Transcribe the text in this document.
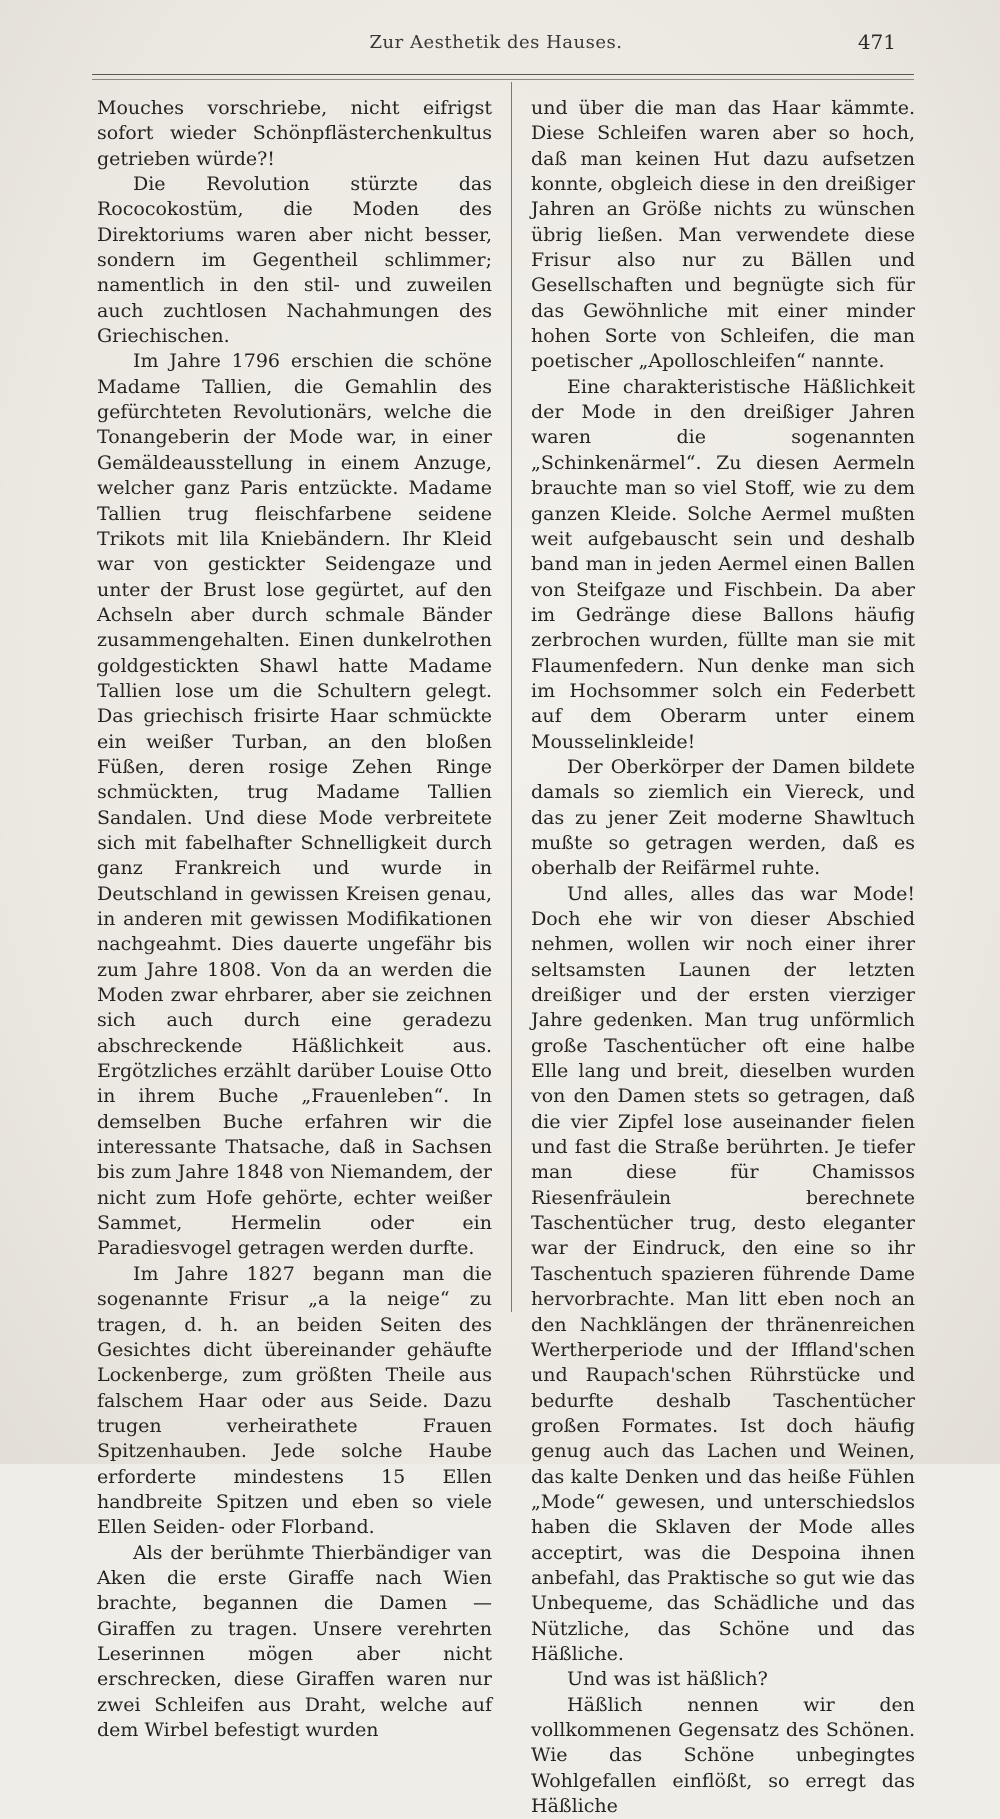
Zur Aesthetik des Hauses.	471

Mouches vorschriebe, nicht eifrigst sofort wieder Schönpflästerchenkultus getrieben würde?!

Die Revolution stürzte das Rococokostüm, die Moden des Direktoriums waren aber nicht besser, sondern im Gegentheil schlimmer; namentlich in den stil- und zuweilen auch zuchtlosen Nachahmungen des Griechischen.

Im Jahre 1796 erschien die schöne Madame Tallien, die Gemahlin des gefürchteten Revolutionärs, welche die Tonangeberin der Mode war, in einer Gemäldeausstellung in einem Anzuge, welcher ganz Paris entzückte. Madame Tallien trug fleischfarbene seidene Trikots mit lila Kniebändern. Ihr Kleid war von gestickter Seidengaze und unter der Brust lose gegürtet, auf den Achseln aber durch schmale Bänder zusammengehalten. Einen dunkelrothen goldgestickten Shawl hatte Madame Tallien lose um die Schultern gelegt. Das griechisch frisirte Haar schmückte ein weißer Turban, an den bloßen Füßen, deren rosige Zehen Ringe schmückten, trug Madame Tallien Sandalen. Und diese Mode verbreitete sich mit fabelhafter Schnelligkeit durch ganz Frankreich und wurde in Deutschland in gewissen Kreisen genau, in anderen mit gewissen Modifikationen nachgeahmt. Dies dauerte ungefähr bis zum Jahre 1808. Von da an werden die Moden zwar ehrbarer, aber sie zeichnen sich auch durch eine geradezu abschreckende Häßlichkeit aus. Ergötzliches erzählt darüber Louise Otto in ihrem Buche „Frauenleben“. In demselben Buche erfahren wir die interessante Thatsache, daß in Sachsen bis zum Jahre 1848 von Niemandem, der nicht zum Hofe gehörte, echter weißer Sammet, Hermelin oder ein Paradiesvogel getragen werden durfte.

Im Jahre 1827 begann man die sogenannte Frisur „a la neige“ zu tragen, d. h. an beiden Seiten des Gesichtes dicht übereinander gehäufte Lockenberge, zum größten Theile aus falschem Haar oder aus Seide. Dazu trugen verheirathete Frauen Spitzenhauben. Jede solche Haube erforderte mindestens 15 Ellen handbreite Spitzen und eben so viele Ellen Seiden- oder Florband.

Als der berühmte Thierbändiger van Aken die erste Giraffe nach Wien brachte, begannen die Damen — Giraffen zu tragen. Unsere verehrten Leserinnen mögen aber nicht erschrecken, diese Giraffen waren nur zwei Schleifen aus Draht, welche auf dem Wirbel befestigt wurden

und über die man das Haar kämmte. Diese Schleifen waren aber so hoch, daß man keinen Hut dazu aufsetzen konnte, obgleich diese in den dreißiger Jahren an Größe nichts zu wünschen übrig ließen. Man verwendete diese Frisur also nur zu Bällen und Gesellschaften und begnügte sich für das Gewöhnliche mit einer minder hohen Sorte von Schleifen, die man poetischer „Apolloschleifen“ nannte.

Eine charakteristische Häßlichkeit der Mode in den dreißiger Jahren waren die sogenannten „Schinkenärmel“. Zu diesen Aermeln brauchte man so viel Stoff, wie zu dem ganzen Kleide. Solche Aermel mußten weit aufgebauscht sein und deshalb band man in jeden Aermel einen Ballen von Steifgaze und Fischbein. Da aber im Gedränge diese Ballons häufig zerbrochen wurden, füllte man sie mit Flaumenfedern. Nun denke man sich im Hochsommer solch ein Federbett auf dem Oberarm unter einem Mousselinkleide!

Der Oberkörper der Damen bildete damals so ziemlich ein Viereck, und das zu jener Zeit moderne Shawltuch mußte so getragen werden, daß es oberhalb der Reifärmel ruhte.

Und alles, alles das war Mode! Doch ehe wir von dieser Abschied nehmen, wollen wir noch einer ihrer seltsamsten Launen der letzten dreißiger und der ersten vierziger Jahre gedenken. Man trug unförmlich große Taschentücher oft eine halbe Elle lang und breit, dieselben wurden von den Damen stets so getragen, daß die vier Zipfel lose auseinander fielen und fast die Straße berührten. Je tiefer man diese für Chamissos Riesenfräulein berechnete Taschentücher trug, desto eleganter war der Eindruck, den eine so ihr Taschentuch spazieren führende Dame hervorbrachte. Man litt eben noch an den Nachklängen der thränenreichen Wertherperiode und der Iffland'schen und Raupach'schen Rührstücke und bedurfte deshalb Taschentücher großen Formates. Ist doch häufig genug auch das Lachen und Weinen, das kalte Denken und das heiße Fühlen „Mode“ gewesen, und unterschiedslos haben die Sklaven der Mode alles acceptirt, was die Despoina ihnen anbefahl, das Praktische so gut wie das Unbequeme, das Schädliche und das Nützliche, das Schöne und das Häßliche.

Und was ist häßlich?

Häßlich nennen wir den vollkommenen Gegensatz des Schönen. Wie das Schöne unbegingtes Wohlgefallen einflößt, so erregt das Häßliche
